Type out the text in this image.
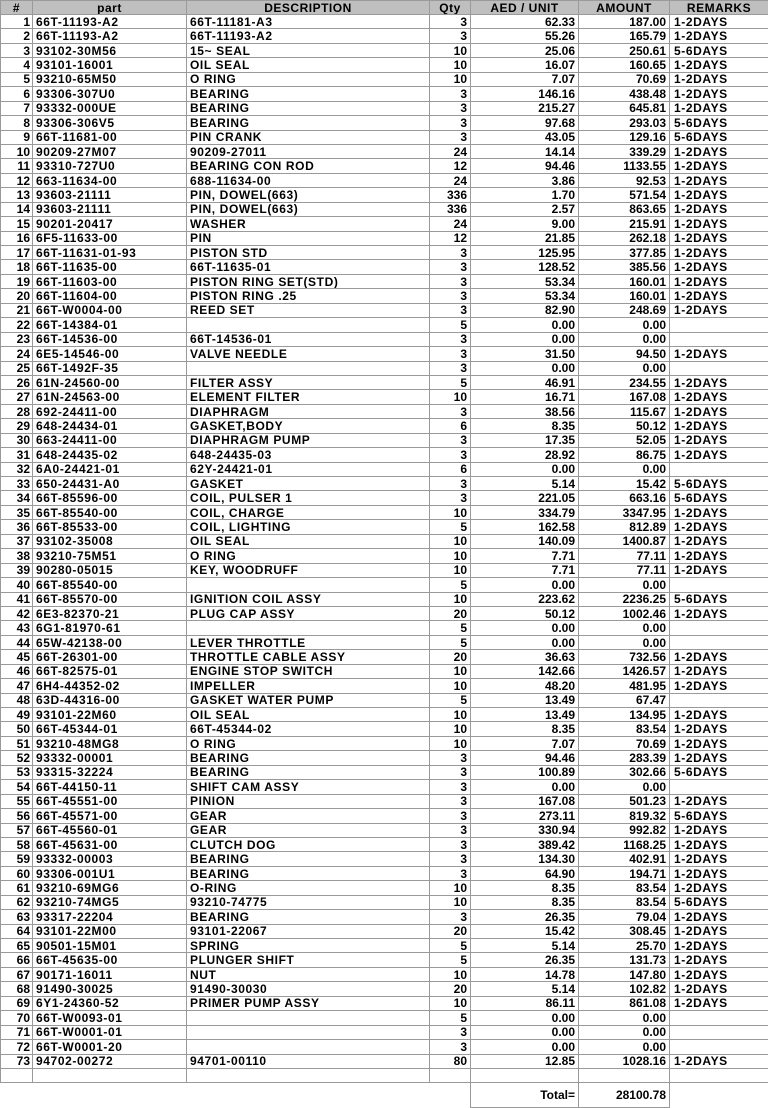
#	part	DESCRIPTION	Qty	AED / UNIT	AMOUNT	REMARKS
1	66T-11193-A2	66T-11181-A3	3	62.33	187.00	1-2DAYS
2	66T-11193-A2	66T-11193-A2	3	55.26	165.79	1-2DAYS
3	93102-30M56	15~ SEAL	10	25.06	250.61	5-6DAYS
4	93101-16001	OIL SEAL	10	16.07	160.65	1-2DAYS
5	93210-65M50	O RING	10	7.07	70.69	1-2DAYS
6	93306-307U0	BEARING	3	146.16	438.48	1-2DAYS
7	93332-000UE	BEARING	3	215.27	645.81	1-2DAYS
8	93306-306V5	BEARING	3	97.68	293.03	5-6DAYS
9	66T-11681-00	PIN CRANK	3	43.05	129.16	5-6DAYS
10	90209-27M07	90209-27011	24	14.14	339.29	1-2DAYS
11	93310-727U0	BEARING CON ROD	12	94.46	1133.55	1-2DAYS
12	663-11634-00	688-11634-00	24	3.86	92.53	1-2DAYS
13	93603-21111	PIN, DOWEL(663)	336	1.70	571.54	1-2DAYS
14	93603-21111	PIN, DOWEL(663)	336	2.57	863.65	1-2DAYS
15	90201-20417	WASHER	24	9.00	215.91	1-2DAYS
16	6F5-11633-00	PIN	12	21.85	262.18	1-2DAYS
17	66T-11631-01-93	PISTON STD	3	125.95	377.85	1-2DAYS
18	66T-11635-00	66T-11635-01	3	128.52	385.56	1-2DAYS
19	66T-11603-00	PISTON RING SET(STD)	3	53.34	160.01	1-2DAYS
20	66T-11604-00	PISTON RING .25	3	53.34	160.01	1-2DAYS
21	66T-W0004-00	REED SET	3	82.90	248.69	1-2DAYS
22	66T-14384-01		5	0.00	0.00	
23	66T-14536-00	66T-14536-01	3	0.00	0.00	
24	6E5-14546-00	VALVE NEEDLE	3	31.50	94.50	1-2DAYS
25	66T-1492F-35		3	0.00	0.00	
26	61N-24560-00	FILTER ASSY	5	46.91	234.55	1-2DAYS
27	61N-24563-00	ELEMENT FILTER	10	16.71	167.08	1-2DAYS
28	692-24411-00	DIAPHRAGM	3	38.56	115.67	1-2DAYS
29	648-24434-01	GASKET,BODY	6	8.35	50.12	1-2DAYS
30	663-24411-00	DIAPHRAGM PUMP	3	17.35	52.05	1-2DAYS
31	648-24435-02	648-24435-03	3	28.92	86.75	1-2DAYS
32	6A0-24421-01	62Y-24421-01	6	0.00	0.00	
33	650-24431-A0	GASKET	3	5.14	15.42	5-6DAYS
34	66T-85596-00	COIL, PULSER 1	3	221.05	663.16	5-6DAYS
35	66T-85540-00	COIL, CHARGE	10	334.79	3347.95	1-2DAYS
36	66T-85533-00	COIL, LIGHTING	5	162.58	812.89	1-2DAYS
37	93102-35008	OIL SEAL	10	140.09	1400.87	1-2DAYS
38	93210-75M51	O RING	10	7.71	77.11	1-2DAYS
39	90280-05015	KEY, WOODRUFF	10	7.71	77.11	1-2DAYS
40	66T-85540-00		5	0.00	0.00	
41	66T-85570-00	IGNITION COIL ASSY	10	223.62	2236.25	5-6DAYS
42	6E3-82370-21	PLUG CAP ASSY	20	50.12	1002.46	1-2DAYS
43	6G1-81970-61		5	0.00	0.00	
44	65W-42138-00	LEVER THROTTLE	5	0.00	0.00	
45	66T-26301-00	THROTTLE CABLE ASSY	20	36.63	732.56	1-2DAYS
46	66T-82575-01	ENGINE STOP SWITCH	10	142.66	1426.57	1-2DAYS
47	6H4-44352-02	IMPELLER	10	48.20	481.95	1-2DAYS
48	63D-44316-00	GASKET WATER PUMP	5	13.49	67.47	
49	93101-22M60	OIL SEAL	10	13.49	134.95	1-2DAYS
50	66T-45344-01	66T-45344-02	10	8.35	83.54	1-2DAYS
51	93210-48MG8	O RING	10	7.07	70.69	1-2DAYS
52	93332-00001	BEARING	3	94.46	283.39	1-2DAYS
53	93315-32224	BEARING	3	100.89	302.66	5-6DAYS
54	66T-44150-11	SHIFT CAM ASSY	3	0.00	0.00	
55	66T-45551-00	PINION	3	167.08	501.23	1-2DAYS
56	66T-45571-00	GEAR	3	273.11	819.32	5-6DAYS
57	66T-45560-01	GEAR	3	330.94	992.82	1-2DAYS
58	66T-45631-00	CLUTCH DOG	3	389.42	1168.25	1-2DAYS
59	93332-00003	BEARING	3	134.30	402.91	1-2DAYS
60	93306-001U1	BEARING	3	64.90	194.71	1-2DAYS
61	93210-69MG6	O-RING	10	8.35	83.54	1-2DAYS
62	93210-74MG5	93210-74775	10	8.35	83.54	5-6DAYS
63	93317-22204	BEARING	3	26.35	79.04	1-2DAYS
64	93101-22M00	93101-22067	20	15.42	308.45	1-2DAYS
65	90501-15M01	SPRING	5	5.14	25.70	1-2DAYS
66	66T-45635-00	PLUNGER SHIFT	5	26.35	131.73	1-2DAYS
67	90171-16011	NUT	10	14.78	147.80	1-2DAYS
68	91490-30025	91490-30030	20	5.14	102.82	1-2DAYS
69	6Y1-24360-52	PRIMER PUMP ASSY	10	86.11	861.08	1-2DAYS
70	66T-W0093-01		5	0.00	0.00	
71	66T-W0001-01		3	0.00	0.00	
72	66T-W0001-20		3	0.00	0.00	
73	94702-00272	94701-00110	80	12.85	1028.16	1-2DAYS

				Total=	28100.78	
